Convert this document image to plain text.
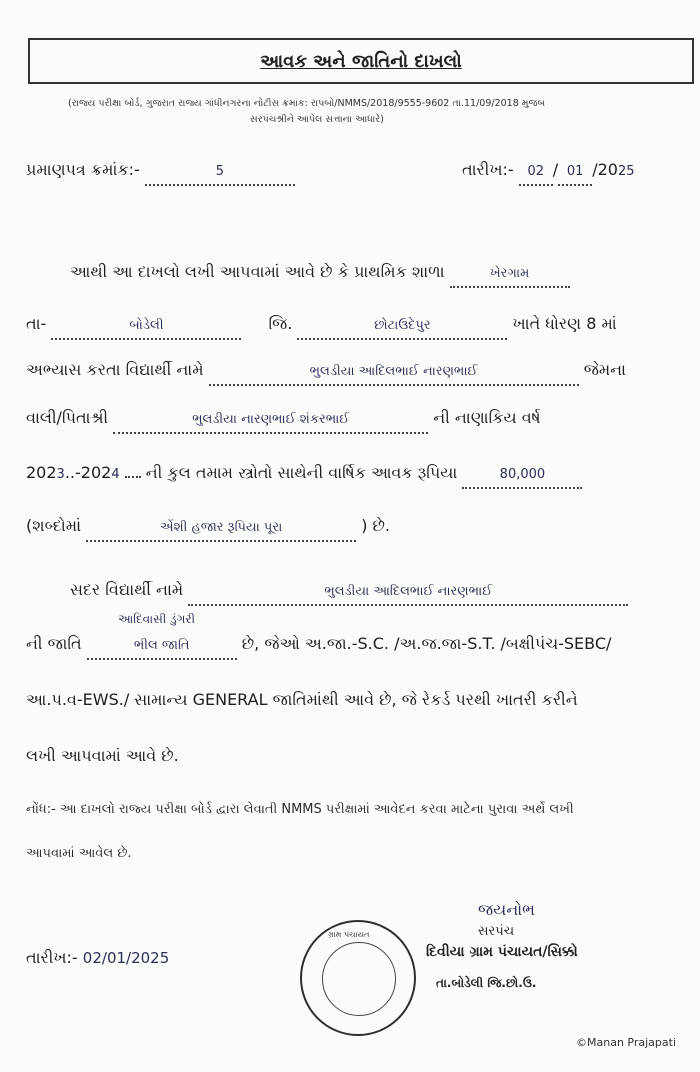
આવક અને જાતિનો દાખલો
(રાજ્ય પરીક્ષા બોર્ડ, ગુજરાત રાજ્ય ગાંધીનગરના નોટીસ ક્રમાંક: રાપબો/NMMS/2018/9555-9602 તા.11/09/2018 મુજબ
સરપંચશ્રીને આપેલ સત્તાના આધારે)
પ્રમાણપત્ર ક્રમાંક:-	5	તારીખ:- 02 / 01 /2025
આથી આ દાખલો લખી આપવામાં આવે છે કે પ્રાથમિક શાળા	ખેરગામ
તા-	બોડેલી	જિ.	છોટાઉદેપુર	ખાતે ધોરણ 8 માં
અભ્યાસ કરતા વિદ્યાર્થી નામે	ભુલડીયા આદિલભાઈ નારણભાઈ	જેમના
વાલી/પિતાશ્રી	ભુલડીયા નારણભાઈ શંકરભાઈ	ની નાણાકિય વર્ષ
2023..-2024 ની કુલ તમામ સ્ત્રોતો સાથેની વાર્ષિક આવક રૂપિયા	80,000
(શબ્દોમાં	એંશી હજાર રૂપિયા પૂરા	) છે.
સદર વિદ્યાર્થી નામે	ભુલડીયા આદિલભાઈ નારણભાઈ
આદિવાસી ડુંગરી
ની જાતિ	ભીલ જાતિ	છે, જેઓ અ.જા.-S.C. /અ.જ.જા-S.T. /બક્ષીપંચ-SEBC/
આ.પ.વ-EWS./ સામાન્ય GENERAL જાતિમાંથી આવે છે, જે રેકર્ડ પરથી ખાતરી કરીને
લખી આપવામાં આવે છે.
નોંધ:- આ દાખલો રાજ્ય પરીક્ષા બોર્ડ દ્વારા લેવાતી NMMS પરીક્ષામાં આવેદન કરવા માટેના પુરાવા અર્થે લખી
આપવામાં આવેલ છે.
તારીખ:- 02/01/2025
ગ્રામ પંચાયત
જયનોભ
સરપંચ
દિવીયા ગ્રામ પંચાયત/સિક્કો
તા.બોડેલી જિ.છો.ઉ.
©Manan Prajapati
